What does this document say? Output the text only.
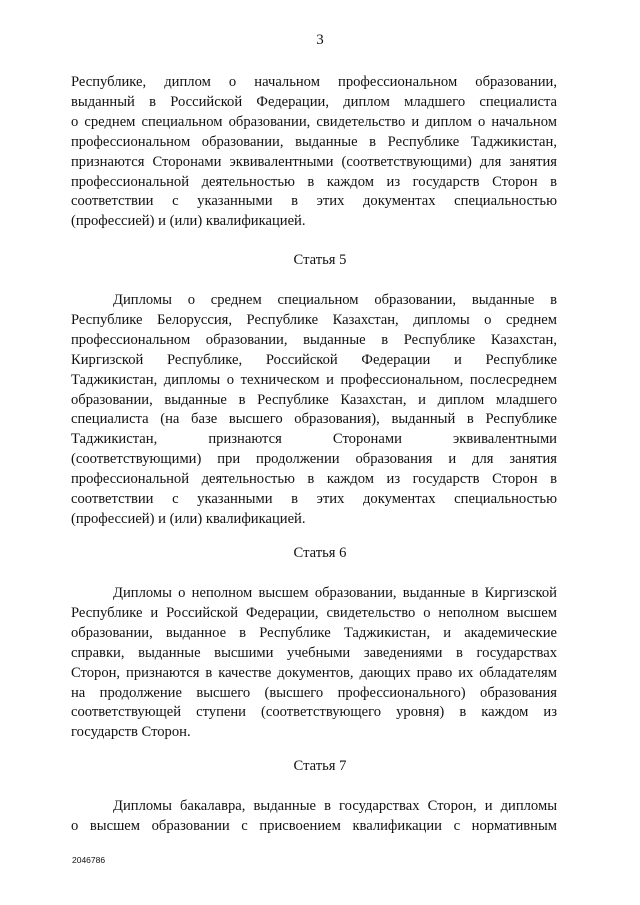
3
Республике, диплом о начальном профессиональном образовании,
выданный в Российской Федерации, диплом младшего специалиста
о среднем специальном образовании, свидетельство и диплом о начальном
профессиональном образовании, выданные в Республике Таджикистан,
признаются Сторонами эквивалентными (соответствующими) для занятия
профессиональной деятельностью в каждом из государств Сторон в
соответствии с указанными в этих документах специальностью
(профессией) и (или) квалификацией.
Статья 5
Дипломы о среднем специальном образовании, выданные в
Республике Белоруссия, Республике Казахстан, дипломы о среднем
профессиональном образовании, выданные в Республике Казахстан,
Киргизской Республике, Российской Федерации и Республике
Таджикистан, дипломы о техническом и профессиональном, послесреднем
образовании, выданные в Республике Казахстан, и диплом младшего
специалиста (на базе высшего образования), выданный в Республике
Таджикистан, признаются Сторонами эквивалентными
(соответствующими) при продолжении образования и для занятия
профессиональной деятельностью в каждом из государств Сторон в
соответствии с указанными в этих документах специальностью
(профессией) и (или) квалификацией.
Статья 6
Дипломы о неполном высшем образовании, выданные в Киргизской
Республике и Российской Федерации, свидетельство о неполном высшем
образовании, выданное в Республике Таджикистан, и академические
справки, выданные высшими учебными заведениями в государствах
Сторон, признаются в качестве документов, дающих право их обладателям
на продолжение высшего (высшего профессионального) образования
соответствующей ступени (соответствующего уровня) в каждом из
государств Сторон.
Статья 7
Дипломы бакалавра, выданные в государствах Сторон, и дипломы
о высшем образовании с присвоением квалификации с нормативным
2046786
